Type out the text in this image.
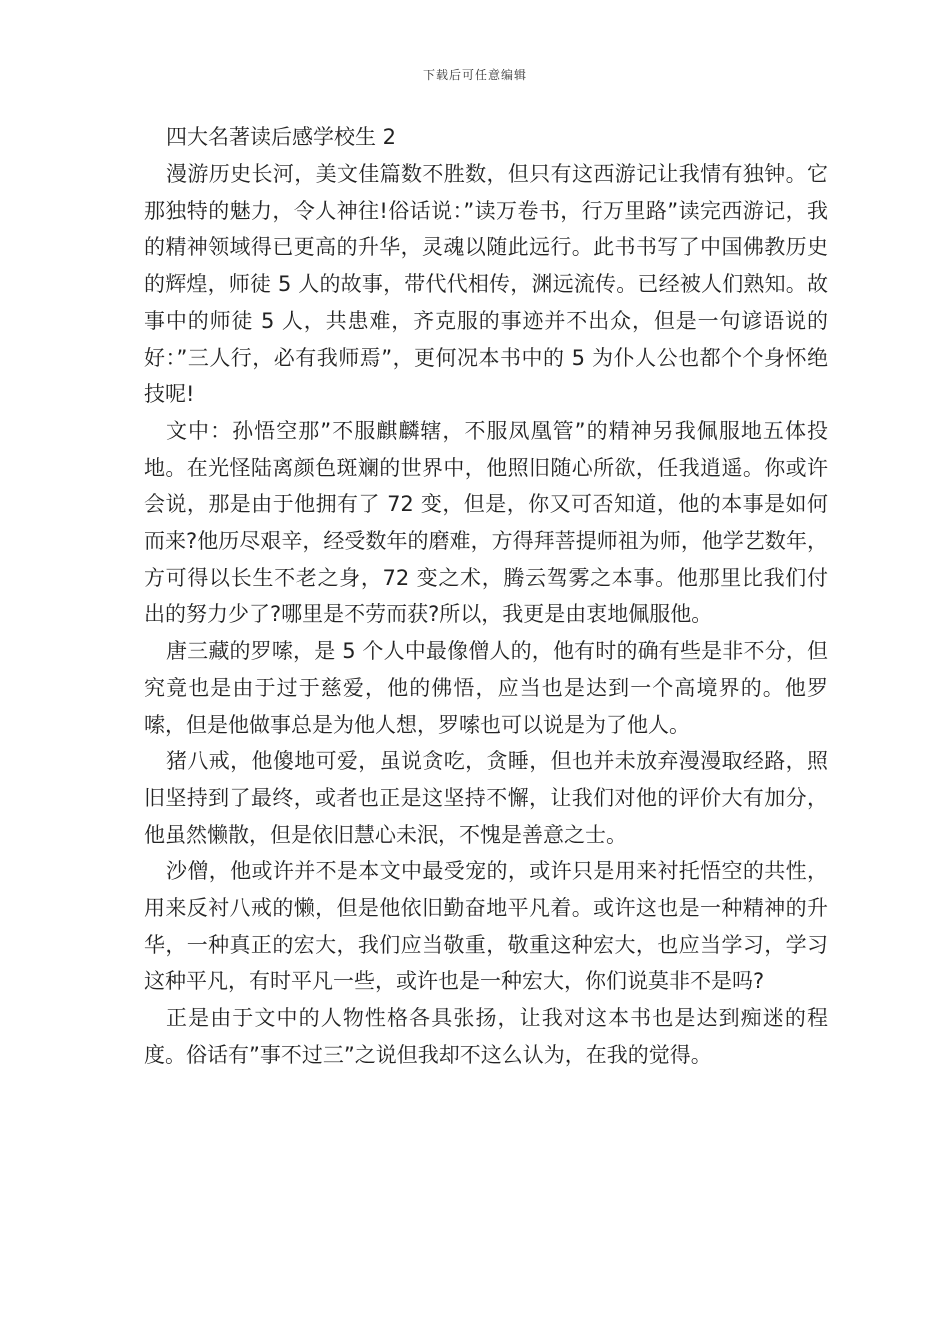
下载后可任意编辑
四大名著读后感学校生 2

漫游历史长河，美文佳篇数不胜数，但只有这西游记让我情有独钟。它那独特的魅力，令人神往!俗话说：”读万卷书，行万里路”读完西游记，我的精神领域得已更高的升华，灵魂以随此远行。此书书写了中国佛教历史的辉煌，师徒 5 人的故事，带代代相传，渊远流传。已经被人们熟知。故事中的师徒 5 人，共患难，齐克服的事迹并不出众，但是一句谚语说的好：”三人行，必有我师焉”，更何况本书中的 5 为仆人公也都个个身怀绝技呢!

文中：孙悟空那”不服麒麟辖，不服凤凰管”的精神另我佩服地五体投地。在光怪陆离颜色斑斓的世界中，他照旧随心所欲，任我逍遥。你或许会说，那是由于他拥有了 72 变，但是，你又可否知道，他的本事是如何而来?他历尽艰辛，经受数年的磨难，方得拜菩提师祖为师，他学艺数年，方可得以长生不老之身，72 变之术，腾云驾雾之本事。他那里比我们付出的努力少了?哪里是不劳而获?所以，我更是由衷地佩服他。

唐三藏的罗嗦，是 5 个人中最像僧人的，他有时的确有些是非不分，但究竟也是由于过于慈爱，他的佛悟，应当也是达到一个高境界的。他罗嗦，但是他做事总是为他人想，罗嗦也可以说是为了他人。

猪八戒，他傻地可爱，虽说贪吃，贪睡，但也并未放弃漫漫取经路，照旧坚持到了最终，或者也正是这坚持不懈，让我们对他的评价大有加分，他虽然懒散，但是依旧慧心未泯，不愧是善意之士。

沙僧，他或许并不是本文中最受宠的，或许只是用来衬托悟空的共性，用来反衬八戒的懒，但是他依旧勤奋地平凡着。或许这也是一种精神的升华，一种真正的宏大，我们应当敬重，敬重这种宏大，也应当学习，学习这种平凡，有时平凡一些，或许也是一种宏大，你们说莫非不是吗?

正是由于文中的人物性格各具张扬，让我对这本书也是达到痴迷的程度。俗话有”事不过三”之说但我却不这么认为，在我的觉得。
